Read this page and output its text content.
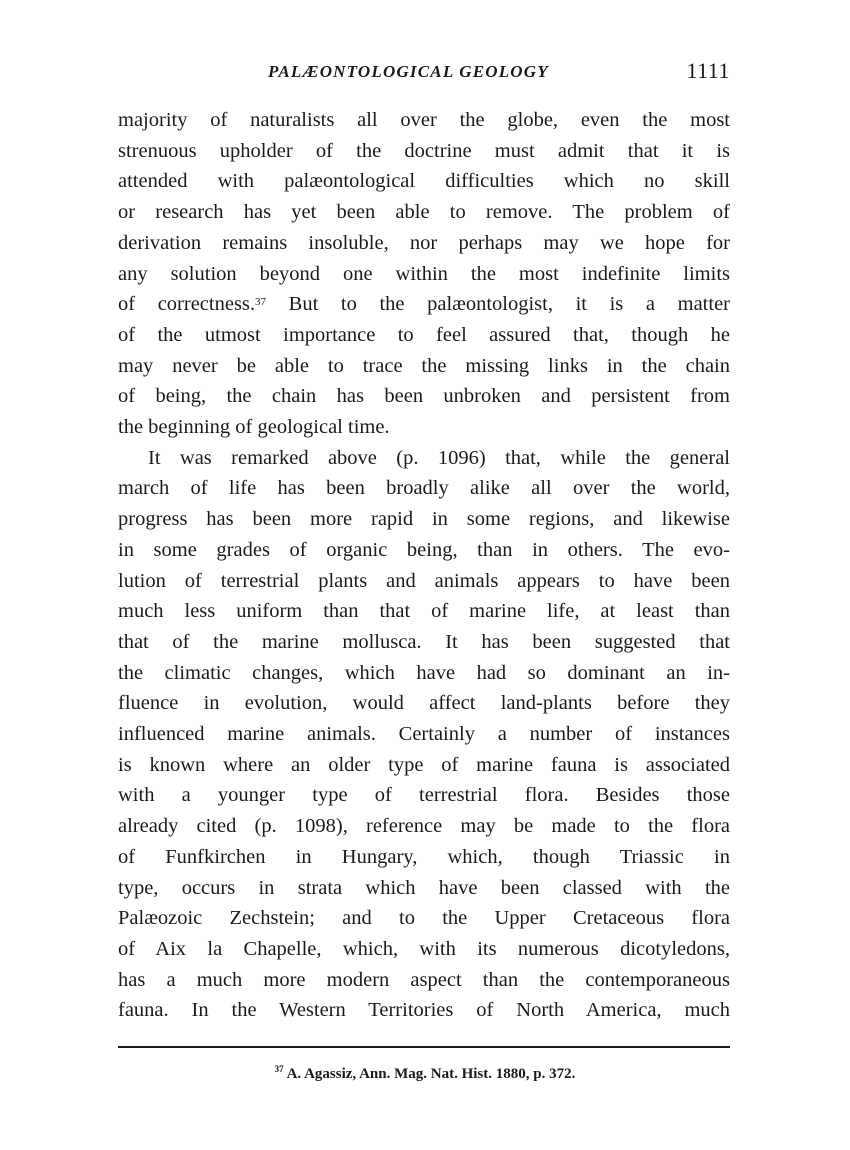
PALÆONTOLOGICAL GEOLOGY	1111
majority of naturalists all over the globe, even the most
strenuous upholder of the doctrine must admit that it is
attended with palæontological difficulties which no skill
or research has yet been able to remove. The problem of
derivation remains insoluble, nor perhaps may we hope for
any solution beyond one within the most indefinite limits
of correctness.$^{37}$ But to the palæontologist, it is a matter
of the utmost importance to feel assured that, though he
may never be able to trace the missing links in the chain
of being, the chain has been unbroken and persistent from
the beginning of geological time.
It was remarked above (p. 1096) that, while the general
march of life has been broadly alike all over the world,
progress has been more rapid in some regions, and likewise
in some grades of organic being, than in others. The evo-
lution of terrestrial plants and animals appears to have been
much less uniform than that of marine life, at least than
that of the marine mollusca. It has been suggested that
the climatic changes, which have had so dominant an in-
fluence in evolution, would affect land-plants before they
influenced marine animals. Certainly a number of instances
is known where an older type of marine fauna is associated
with a younger type of terrestrial flora. Besides those
already cited (p. 1098), reference may be made to the flora
of Funfkirchen in Hungary, which, though Triassic in
type, occurs in strata which have been classed with the
Palæozoic Zechstein; and to the Upper Cretaceous flora
of Aix la Chapelle, which, with its numerous dicotyledons,
has a much more modern aspect than the contemporaneous
fauna. In the Western Territories of North America, much
$^{37}$ A. Agassiz, Ann. Mag. Nat. Hist. 1880, p. 372.
